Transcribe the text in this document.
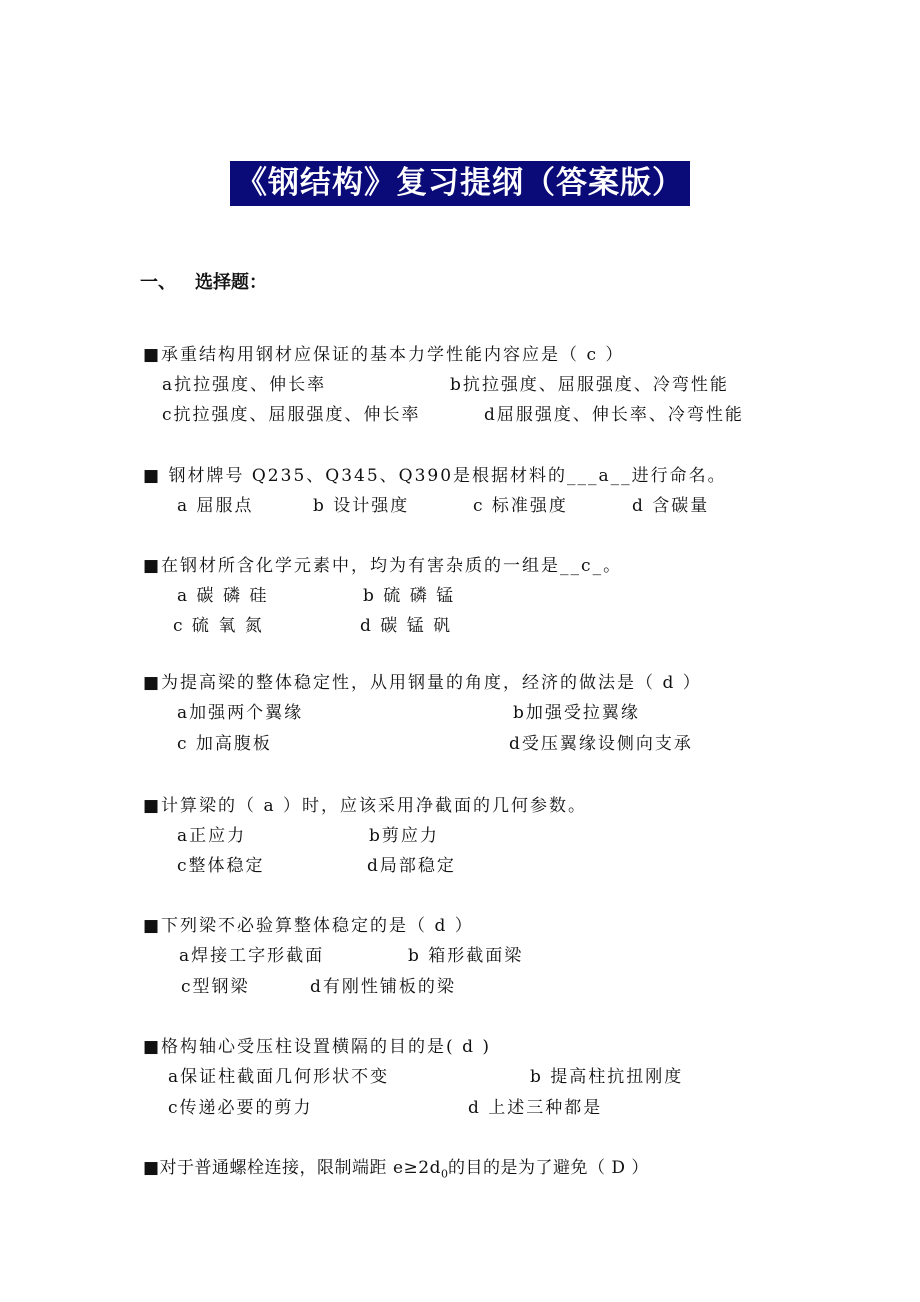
《钢结构》复习提纲（答案版）
一、 选择题：
■承重结构用钢材应保证的基本力学性能内容应是（ c ）
a抗拉强度、伸长率	b抗拉强度、屈服强度、冷弯性能
c抗拉强度、屈服强度、伸长率	d屈服强度、伸长率、冷弯性能
■ 钢材牌号 Q235、Q345、Q390是根据材料的___a__进行命名。
a 屈服点	b 设计强度	c 标准强度	d 含碳量
■在钢材所含化学元素中，均为有害杂质的一组是__c_。
a 碳 磷 硅	b 硫 磷 锰
c 硫 氧 氮	d 碳 锰 矾
■为提高梁的整体稳定性，从用钢量的角度，经济的做法是（ d ）
a加强两个翼缘	b加强受拉翼缘
c 加高腹板	d受压翼缘设侧向支承
■计算梁的（ a ）时，应该采用净截面的几何参数。
a正应力	b剪应力
c整体稳定	d局部稳定
■下列梁不必验算整体稳定的是（ d ）
a焊接工字形截面	b 箱形截面梁
c型钢梁	d有刚性铺板的梁
■格构轴心受压柱设置横隔的目的是( d )
a保证柱截面几何形状不变	b 提高柱抗扭刚度
c传递必要的剪力	d 上述三种都是
■对于普通螺栓连接，限制端距 $e\ge 2d_0$的目的是为了避免（ D ）
